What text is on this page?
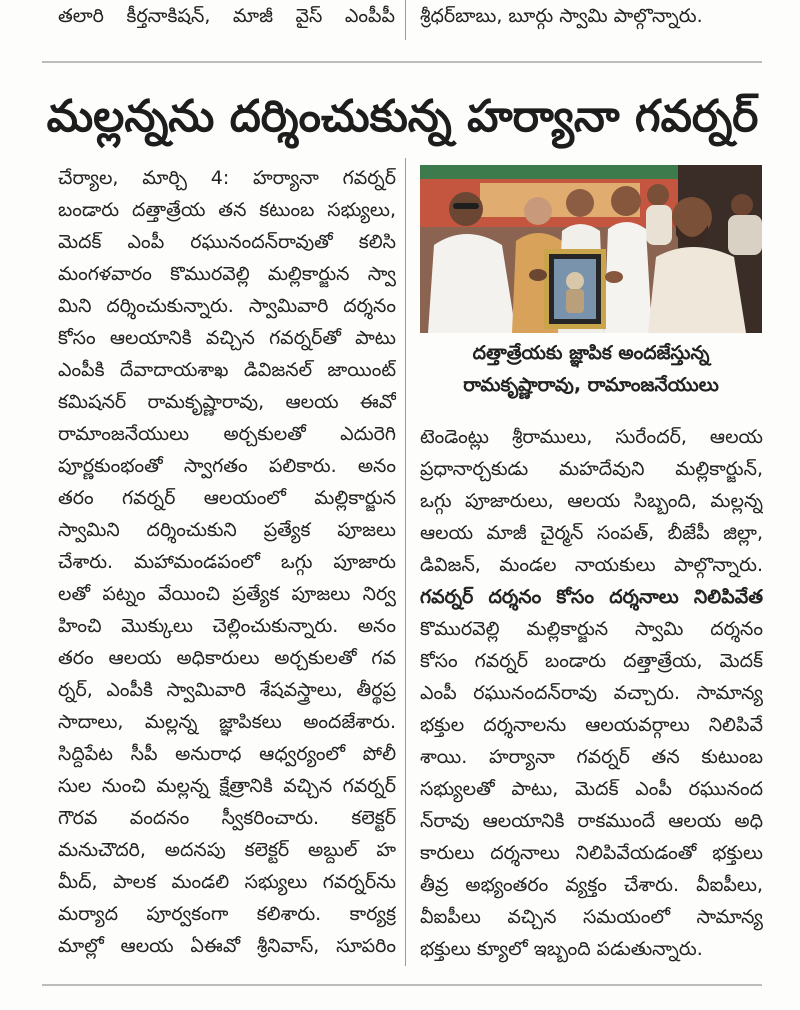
తలారి కీర్తనాకిషన్, మాజీ వైస్ ఎంపీపీ శ్రీధర్‌బాబు, బూర్గు స్వామి పాల్గొన్నారు.
మల్లన్నను దర్శించుకున్న హర్యానా గవర్నర్
చేర్యాల, మార్చి 4: హర్యానా గవర్నర్
బండారు దత్తాత్రేయ తన కటుంబ సభ్యులు,
మెదక్ ఎంపీ రఘునందన్‌రావుతో కలిసి
మంగళవారం కొమురవెల్లి మల్లికార్జున స్వా
మిని దర్శించుకున్నారు. స్వామివారి దర్శనం
కోసం ఆలయానికి వచ్చిన గవర్నర్‌తో పాటు
ఎంపీకి దేవాదాయశాఖ డివిజనల్ జాయింట్
కమిషనర్ రామకృష్ణారావు, ఆలయ ఈవో
రామాంజనేయులు అర్చకులతో ఎదురెగి
పూర్ణకుంభంతో స్వాగతం పలికారు. అనం
తరం గవర్నర్ ఆలయంలో మల్లికార్జున
స్వామిని దర్శించుకుని ప్రత్యేక పూజలు
చేశారు. మహామండపంలో ఒగ్గు పూజారు
లతో పట్నం వేయించి ప్రత్యేక పూజలు నిర్వ
హించి మొక్కులు చెల్లించుకున్నారు. అనం
తరం ఆలయ అధికారులు అర్చకులతో గవ
ర్నర్, ఎంపీకి స్వామివారి శేషవస్త్రాలు, తీర్థప్ర
సాదాలు, మల్లన్న జ్ఞాపికలు అందజేశారు.
సిద్దిపేట సీపీ అనురాధ ఆధ్వర్యంలో పోలీ
సుల నుంచి మల్లన్న క్షేత్రానికి వచ్చిన గవర్నర్
గౌరవ వందనం స్వీకరించారు. కలెక్టర్
మనుచౌదరి, అదనపు కలెక్టర్ అబ్దుల్ హ
మీద్, పాలక మండలి సభ్యులు గవర్నర్‌ను
మర్యాద పూర్వకంగా కలిశారు. కార్యక్ర
మాల్లో ఆలయ ఏఈవో శ్రీనివాస్, సూపరిం
దత్తాత్రేయకు జ్ఞాపిక అందజేస్తున్న
రామకృష్ణారావు, రామాంజనేయులు
టెండెంట్లు శ్రీరాములు, సురేందర్, ఆలయ
ప్రధానార్చకుడు మహదేవుని మల్లికార్జున్,
ఒగ్గు పూజారులు, ఆలయ సిబ్బంది, మల్లన్న
ఆలయ మాజీ చైర్మన్ సంపత్, బీజేపీ జిల్లా,
డివిజన్, మండల నాయకులు పాల్గొన్నారు.
గవర్నర్ దర్శనం కోసం దర్శనాలు నిలిపివేత
కొమురవెల్లి మల్లికార్జున స్వామి దర్శనం
కోసం గవర్నర్ బండారు దత్తాత్రేయ, మెదక్
ఎంపీ రఘునందన్‌రావు వచ్చారు. సామాన్య
భక్తుల దర్శనాలను ఆలయవర్గాలు నిలిపివే
శాయి. హర్యానా గవర్నర్ తన కుటుంబ
సభ్యులతో పాటు, మెదక్ ఎంపీ రఘునంద
న్‌రావు ఆలయానికి రాకముందే ఆలయ అధి
కారులు దర్శనాలు నిలిపివేయడంతో భక్తులు
తీవ్ర అభ్యంతరం వ్యక్తం చేశారు. వీఐపీలు,
వీఐపీలు వచ్చిన సమయంలో సామాన్య
భక్తులు క్యూలో ఇబ్బంది పడుతున్నారు.
